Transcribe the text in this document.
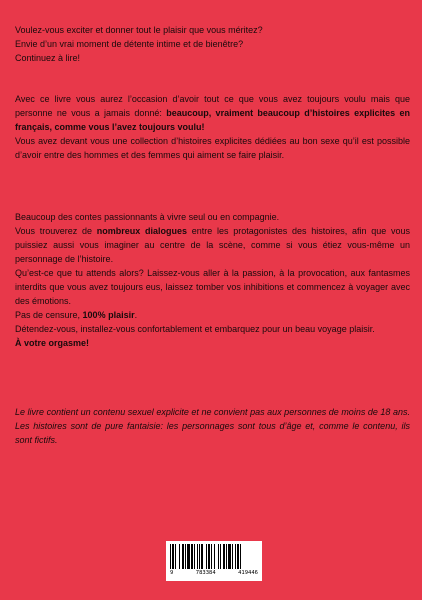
Voulez-vous exciter et donner tout le plaisir que vous méritez?

Envie d’un vrai moment de détente intime et de bienêtre?

Continuez à lire!

Avec ce livre vous aurez l’occasion d’avoir tout ce que vous avez toujours voulu mais que personne ne vous a jamais donné: beaucoup, vraiment beaucoup d’histoires explicites en français, comme vous l’avez toujours voulu!

Vous avez devant vous une collection d’histoires explicites dédiées au bon sexe qu’il est possible d’avoir entre des hommes et des femmes qui aiment se faire plaisir.

Beaucoup des contes passionnants à vivre seul ou en compagnie.

Vous trouverez de nombreux dialogues entre les protagonistes des histoires, afin que vous puissiez aussi vous imaginer au centre de la scène, comme si vous étiez vous-même un personnage de l’histoire.

Qu’est-ce que tu attends alors? Laissez-vous aller à la passion, à la provocation, aux fantasmes interdits que vous avez toujours eus, laissez tomber vos inhibitions et commencez à voyager avec des émotions.

Pas de censure, 100% plaisir.

Détendez-vous, installez-vous confortablement et embarquez pour un beau voyage plaisir.

À votre orgasme!

Le livre contient un contenu sexuel explicite et ne convient pas aux personnes de moins de 18 ans. Les histoires sont de pure fantaisie: les personnages sont tous d’âge et, comme le contenu, ils sont fictifs.

9	783384	419446
